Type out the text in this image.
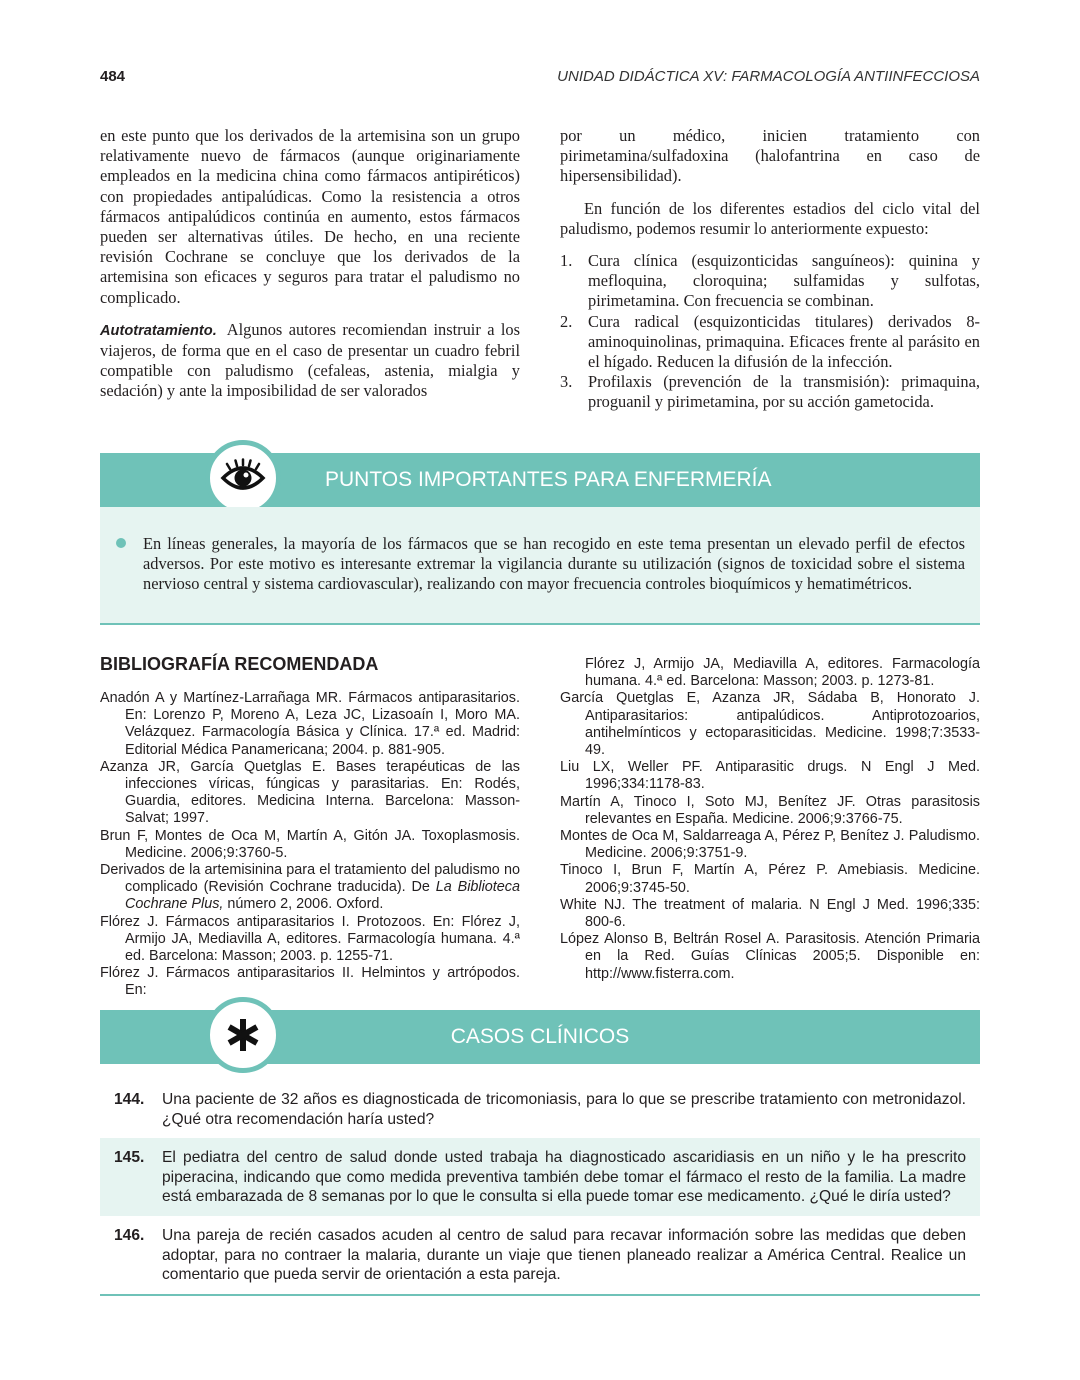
484	UNIDAD DIDÁCTICA XV: FARMACOLOGÍA ANTIINFECCIOSA

en este punto que los derivados de la artemisina son un grupo relativamente nuevo de fármacos (aunque originariamente empleados en la medicina china como fármacos antipiréticos) con propiedades antipalúdicas. Como la resistencia a otros fármacos antipalúdicos continúa en aumento, estos fármacos pueden ser alternativas útiles. De hecho, en una reciente revisión Cochrane se concluye que los derivados de la artemisina son eficaces y seguros para tratar el paludismo no complicado.

Autotratamiento. Algunos autores recomiendan instruir a los viajeros, de forma que en el caso de presentar un cuadro febril compatible con paludismo (cefaleas, astenia, mialgia y sedación) y ante la imposibilidad de ser valorados

por un médico, inicien tratamiento con pirimetamina/sulfadoxina (halofantrina en caso de hipersensibilidad).

En función de los diferentes estadios del ciclo vital del paludismo, podemos resumir lo anteriormente expuesto:

1. Cura clínica (esquizonticidas sanguíneos): quinina y mefloquina, cloroquina; sulfamidas y sulfotas, pirimetamina. Con frecuencia se combinan.
2. Cura radical (esquizonticidas titulares) derivados 8-aminoquinolinas, primaquina. Eficaces frente al parásito en el hígado. Reducen la difusión de la infección.
3. Profilaxis (prevención de la transmisión): primaquina, proguanil y pirimetamina, por su acción gametocida.
PUNTOS IMPORTANTES PARA ENFERMERÍA
En líneas generales, la mayoría de los fármacos que se han recogido en este tema presentan un elevado perfil de efectos adversos. Por este motivo es interesante extremar la vigilancia durante su utilización (signos de toxicidad sobre el sistema nervioso central y sistema cardiovascular), realizando con mayor frecuencia controles bioquímicos y hematimétricos.
BIBLIOGRAFÍA RECOMENDADA
Anadón A y Martínez-Larrañaga MR. Fármacos antiparasitarios. En: Lorenzo P, Moreno A, Leza JC, Lizasoaín I, Moro MA. Velázquez. Farmacología Básica y Clínica. 17.ª ed. Madrid: Editorial Médica Panamericana; 2004. p. 881-905.
Azanza JR, García Quetglas E. Bases terapéuticas de las infecciones víricas, fúngicas y parasitarias. En: Rodés, Guardia, editores. Medicina Interna. Barcelona: Masson-Salvat; 1997.
Brun F, Montes de Oca M, Martín A, Gitón JA. Toxoplasmosis. Medicine. 2006;9:3760-5.
Derivados de la artemisinina para el tratamiento del paludismo no complicado (Revisión Cochrane traducida). De La Biblioteca Cochrane Plus, número 2, 2006. Oxford.
Flórez J. Fármacos antiparasitarios I. Protozoos. En: Flórez J, Armijo JA, Mediavilla A, editores. Farmacología humana. 4.ª ed. Barcelona: Masson; 2003. p. 1255-71.
Flórez J. Fármacos antiparasitarios II. Helmintos y artrópodos. En:
Flórez J, Armijo JA, Mediavilla A, editores. Farmacología humana. 4.ª ed. Barcelona: Masson; 2003. p. 1273-81.
García Quetglas E, Azanza JR, Sádaba B, Honorato J. Antiparasitarios: antipalúdicos. Antiprotozoarios, antihelmínticos y ectoparasiticidas. Medicine. 1998;7:3533-49.
Liu LX, Weller PF. Antiparasitic drugs. N Engl J Med. 1996;334:1178-83.
Martín A, Tinoco I, Soto MJ, Benítez JF. Otras parasitosis relevantes en España. Medicine. 2006;9:3766-75.
Montes de Oca M, Saldarreaga A, Pérez P, Benítez J. Paludismo. Medicine. 2006;9:3751-9.
Tinoco I, Brun F, Martín A, Pérez P. Amebiasis. Medicine. 2006;9:3745-50.
White NJ. The treatment of malaria. N Engl J Med. 1996;335: 800-6.
López Alonso B, Beltrán Rosel A. Parasitosis. Atención Primaria en la Red. Guías Clínicas 2005;5. Disponible en: http://www.fisterra.com.
CASOS CLÍNICOS
144. Una paciente de 32 años es diagnosticada de tricomoniasis, para lo que se prescribe tratamiento con metronidazol. ¿Qué otra recomendación haría usted?
145. El pediatra del centro de salud donde usted trabaja ha diagnosticado ascaridiasis en un niño y le ha prescrito piperacina, indicando que como medida preventiva también debe tomar el fármaco el resto de la familia. La madre está embarazada de 8 semanas por lo que le consulta si ella puede tomar ese medicamento. ¿Qué le diría usted?
146. Una pareja de recién casados acuden al centro de salud para recavar información sobre las medidas que deben adoptar, para no contraer la malaria, durante un viaje que tienen planeado realizar a América Central. Realice un comentario que pueda servir de orientación a esta pareja.
